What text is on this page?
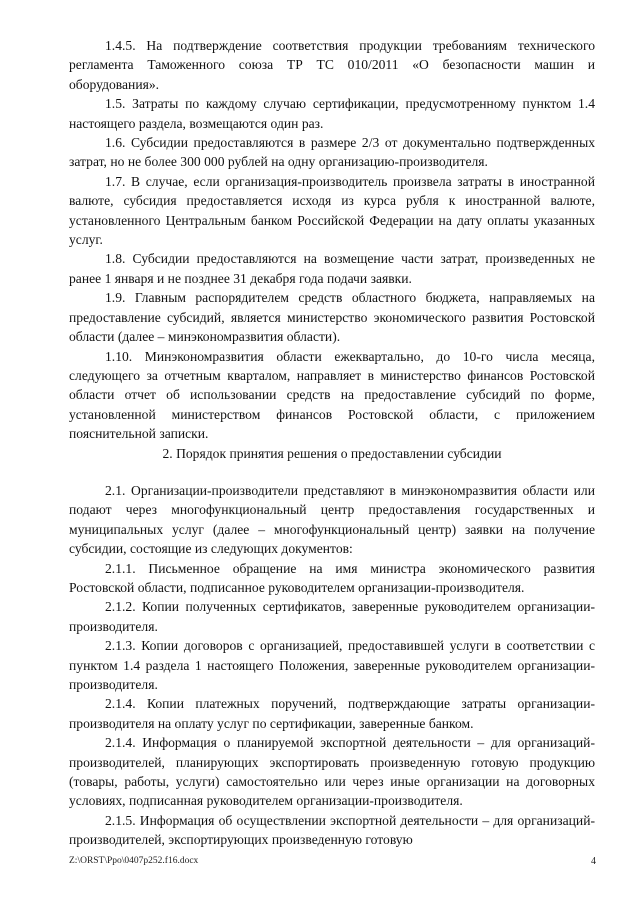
1.4.5. На подтверждение соответствия продукции требованиям технического регламента Таможенного союза ТР ТС 010/2011 «О безопасности машин и оборудования».

1.5. Затраты по каждому случаю сертификации, предусмотренному пунктом 1.4 настоящего раздела, возмещаются один раз.

1.6. Субсидии предоставляются в размере 2/3 от документально подтвержденных затрат, но не более 300 000 рублей на одну организацию-производителя.

1.7. В случае, если организация-производитель произвела затраты в иностранной валюте, субсидия предоставляется исходя из курса рубля к иностранной валюте, установленного Центральным банком Российской Федерации на дату оплаты указанных услуг.

1.8. Субсидии предоставляются на возмещение части затрат, произведенных не ранее 1 января и не позднее 31 декабря года подачи заявки.

1.9. Главным распорядителем средств областного бюджета, направляемых на предоставление субсидий, является министерство экономического развития Ростовской области (далее – минэкономразвития области).

1.10. Минэкономразвития области ежеквартально, до 10-го числа месяца, следующего за отчетным кварталом, направляет в министерство финансов Ростовской области отчет об использовании средств на предоставление субсидий по форме, установленной министерством финансов Ростовской области, с приложением пояснительной записки.

2. Порядок принятия решения о предоставлении субсидии

2.1. Организации-производители представляют в минэкономразвития области или подают через многофункциональный центр предоставления государственных и муниципальных услуг (далее – многофункциональный центр) заявки на получение субсидии, состоящие из следующих документов:

2.1.1. Письменное обращение на имя министра экономического развития Ростовской области, подписанное руководителем организации-производителя.

2.1.2. Копии полученных сертификатов, заверенные руководителем организации-производителя.

2.1.3. Копии договоров с организацией, предоставившей услуги в соответствии с пунктом 1.4 раздела 1 настоящего Положения, заверенные руководителем организации-производителя.

2.1.4. Копии платежных поручений, подтверждающие затраты организации-производителя на оплату услуг по сертификации, заверенные банком.

2.1.4. Информация о планируемой экспортной деятельности – для организаций-производителей, планирующих экспортировать произведенную готовую продукцию (товары, работы, услуги) самостоятельно или через иные организации на договорных условиях, подписанная руководителем организации-производителя.

2.1.5. Информация об осуществлении экспортной деятельности – для организаций-производителей, экспортирующих произведенную готовую

Z:\ORST\Ppo\0407p252.f16.docx	4
